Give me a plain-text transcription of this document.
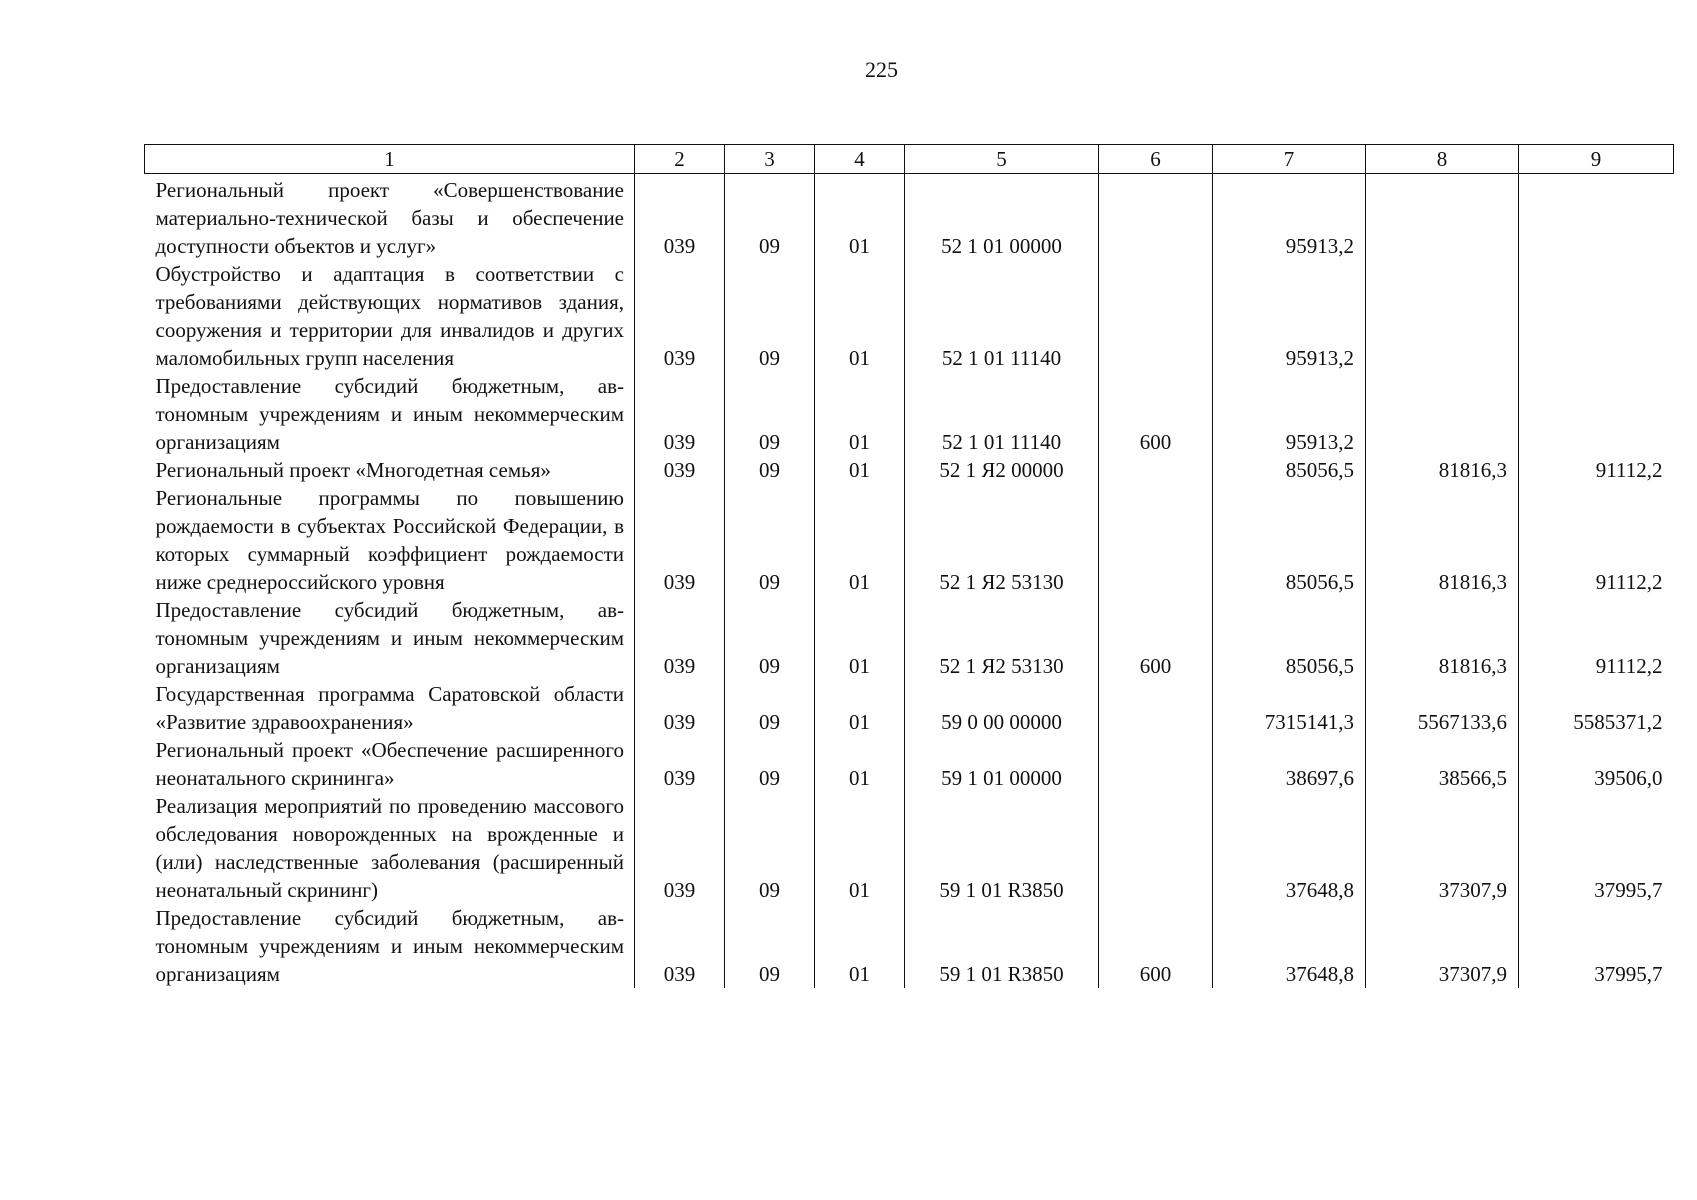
225
1	2	3	4	5	6	7	8	9
Региональный проект «Совершенствование материально-технической базы и обеспечение доступности объектов и услуг»	039	09	01	52 1 01 00000		95913,2		
Обустройство и адаптация в соответствии с требованиями действующих нормативов здания, сооружения и территории для инвалидов и других маломобильных групп населения	039	09	01	52 1 01 11140		95913,2		
Предоставление субсидий бюджетным, автономным учреждениям и иным некоммерческим организациям	039	09	01	52 1 01 11140	600	95913,2		
Региональный проект «Многодетная семья»	039	09	01	52 1 Я2 00000		85056,5	81816,3	91112,2
Региональные программы по повышению рождаемости в субъектах Российской Федерации, в которых суммарный коэффициент рождаемости ниже среднероссийского уровня	039	09	01	52 1 Я2 53130		85056,5	81816,3	91112,2
Предоставление субсидий бюджетным, автономным учреждениям и иным некоммерческим организациям	039	09	01	52 1 Я2 53130	600	85056,5	81816,3	91112,2
Государственная программа Саратовской области «Развитие здравоохранения»	039	09	01	59 0 00 00000		7315141,3	5567133,6	5585371,2
Региональный проект «Обеспечение расширенного неонатального скрининга»	039	09	01	59 1 01 00000		38697,6	38566,5	39506,0
Реализация мероприятий по проведению массового обследования новорожденных на врожденные и (или) наследственные заболевания (расширенный неонатальный скрининг)	039	09	01	59 1 01 R3850		37648,8	37307,9	37995,7
Предоставление субсидий бюджетным, автономным учреждениям и иным некоммерческим организациям	039	09	01	59 1 01 R3850	600	37648,8	37307,9	37995,7
